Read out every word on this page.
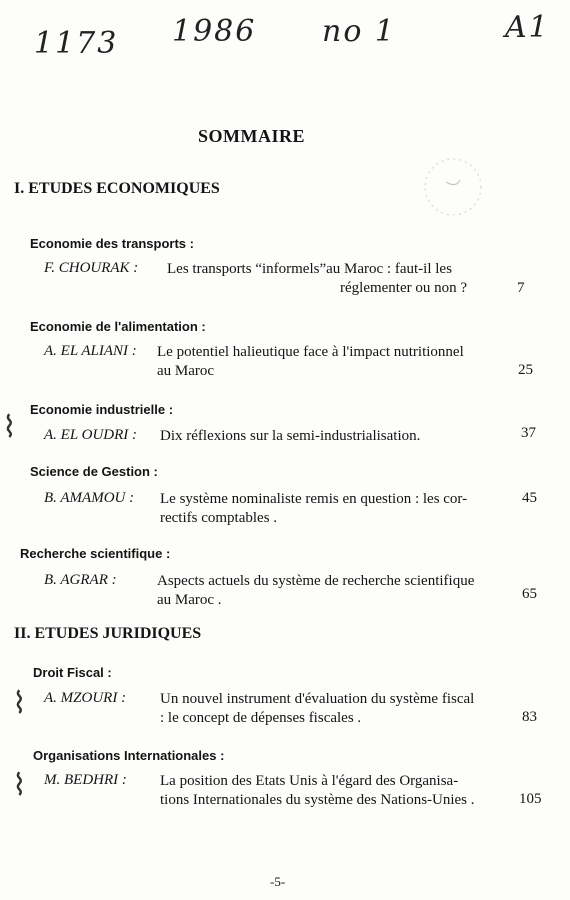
1173 1986 no 1	A1
SOMMAIRE
I. ETUDES ECONOMIQUES
Economie des transports :
F. CHOURAK : Les transports “informels”au Maroc : faut-il les
réglementer ou non ?	7
Economie de l'alimentation :
A. EL ALIANI : Le potentiel halieutique face à l'impact nutritionnel
au Maroc	25
⌇
Economie industrielle :
A. EL OUDRI : Dix réflexions sur la semi-industrialisation.	37
Science de Gestion :
B. AMAMOU : Le système nominaliste remis en question : les cor-
rectifs comptables .
45
Recherche scientifique :
B. AGRAR :	Aspects actuels du système de recherche scientifique
au Maroc .	65
II. ETUDES JURIDIQUES
Droit Fiscal :
⌇ A. MZOURI : Un nouvel instrument d'évaluation du système fiscal
: le concept de dépenses fiscales .	83
Organisations Internationales :
⌇ M. BEDHRI : La position des Etats Unis à l'égard des Organisa-
tions Internationales du système des Nations-Unies .	105
-5-
